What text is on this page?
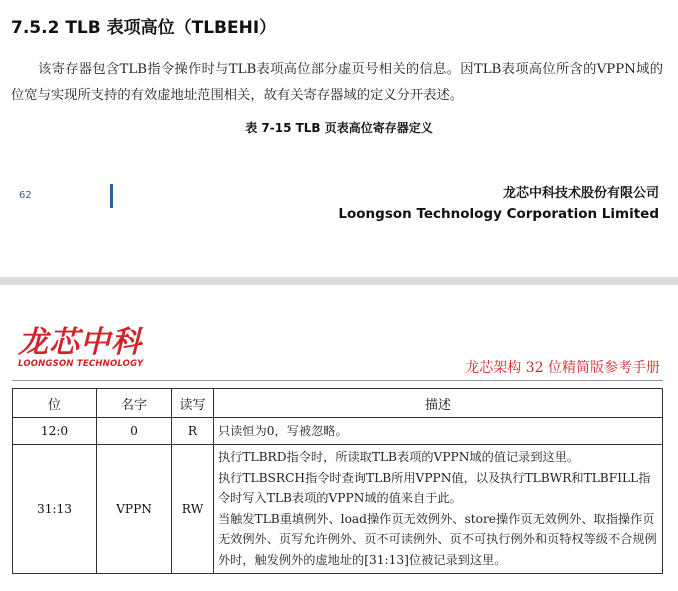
7.5.2 TLB 表项高位（TLBEHI）
该寄存器包含TLB指令操作时与TLB表项高位部分虚页号相关的信息。因TLB表项高位所含的VPPN域的位宽与实现所支持的有效虚地址范围相关，故有关寄存器域的定义分开表述。
表 7-15 TLB 页表高位寄存器定义
62	龙芯中科技术股份有限公司
Loongson Technology Corporation Limited
龙芯中科
LOONGSON TECHNOLOGY	龙芯架构 32 位精简版参考手册
位	名字	读写	描述
12:0	0	R	只读恒为0，写被忽略。
31:13	VPPN	RW	执行TLBRD指令时，所读取TLB表项的VPPN域的值记录到这里。
执行TLBSRCH指令时查询TLB所用VPPN值，以及执行TLBWR和TLBFILL指令时写入TLB表项的VPPN域的值来自于此。
当触发TLB重填例外、load操作页无效例外、store操作页无效例外、取指操作页无效例外、页写允许例外、页不可读例外、页不可执行例外和页特权等级不合规例外时，触发例外的虚地址的[31:13]位被记录到这里。
